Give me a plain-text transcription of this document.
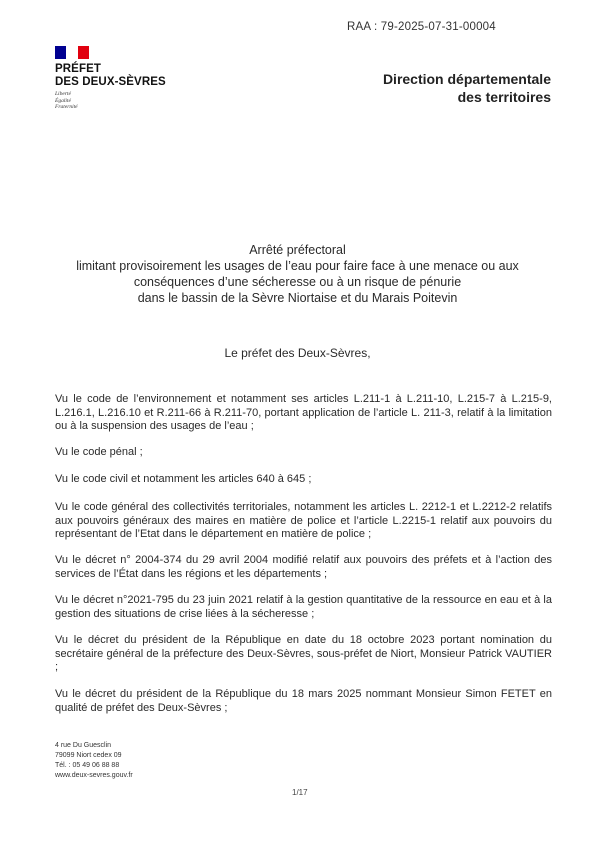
RAA : 79-2025-07-31-00004
PRÉFET
DES DEUX-SÈVRES
Liberté
Égalité
Fraternité
Direction départementale
des territoires
Arrêté préfectoral
limitant provisoirement les usages de l’eau pour faire face à une menace ou aux
conséquences d’une sécheresse ou à un risque de pénurie
dans le bassin de la Sèvre Niortaise et du Marais Poitevin
Le préfet des Deux-Sèvres,

Vu le code de l’environnement et notamment ses articles L.211-1 à L.211-10, L.215-7 à L.215-9, L.216.1, L.216.10 et R.211-66 à R.211-70, portant application de l’article L. 211-3, relatif à la limitation ou à la suspension des usages de l’eau ;

Vu le code pénal ;

Vu le code civil et notamment les articles 640 à 645 ;

Vu le code général des collectivités territoriales, notamment les articles L. 2212-1 et L.2212-2 relatifs aux pouvoirs généraux des maires en matière de police et l’article L.2215-1 relatif aux pouvoirs du représentant de l’Etat dans le département en matière de police ;

Vu le décret n° 2004-374 du 29 avril 2004 modifié relatif aux pouvoirs des préfets et à l’action des services de l’État dans les régions et les départements ;

Vu le décret n°2021-795 du 23 juin 2021 relatif à la gestion quantitative de la ressource en eau et à la gestion des situations de crise liées à la sécheresse ;

Vu le décret du président de la République en date du 18 octobre 2023 portant nomination du secrétaire général de la préfecture des Deux-Sèvres, sous-préfet de Niort, Monsieur Patrick VAUTIER ;

Vu le décret du président de la République du 18 mars 2025 nommant Monsieur Simon FETET en qualité de préfet des Deux-Sèvres ;

4 rue Du Guesclin
79099 Niort cedex 09
Tél. : 05 49 06 88 88
www.deux-sevres.gouv.fr
1/17
